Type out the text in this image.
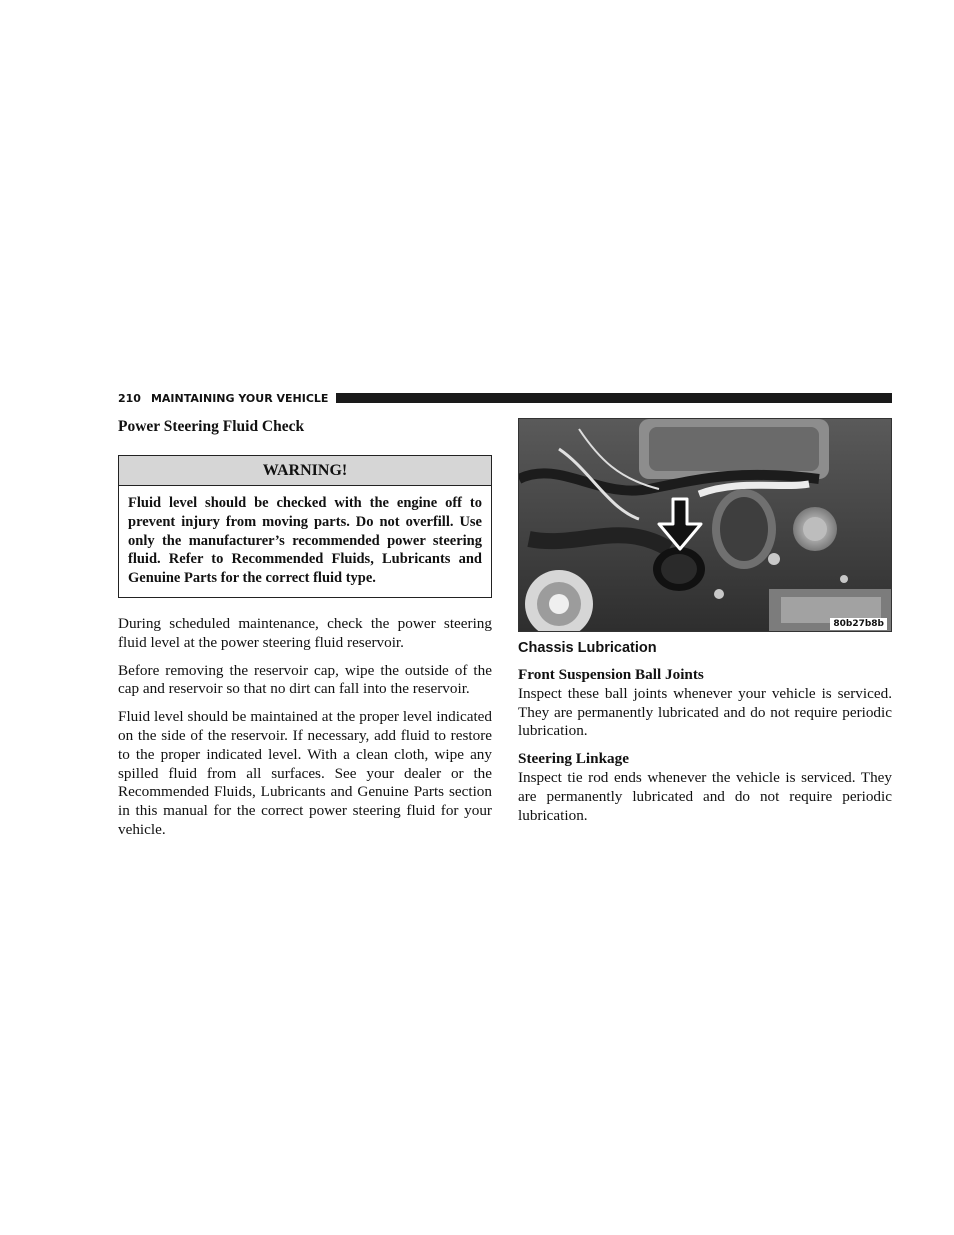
210 MAINTAINING YOUR VEHICLE
Power Steering Fluid Check
WARNING!
Fluid level should be checked with the engine off to prevent injury from moving parts. Do not overfill. Use only the manufacturer’s recommended power steering fluid. Refer to Recommended Fluids, Lubricants and Genuine Parts for the correct fluid type.

During scheduled maintenance, check the power steering fluid level at the power steering fluid reservoir.

Before removing the reservoir cap, wipe the outside of the cap and reservoir so that no dirt can fall into the reservoir.

Fluid level should be maintained at the proper level indicated on the side of the reservoir. If necessary, add fluid to restore to the proper indicated level. With a clean cloth, wipe any spilled fluid from all surfaces. See your dealer or the Recommended Fluids, Lubricants and Genuine Parts section in this manual for the correct power steering fluid for your vehicle.

80b27b8b

Chassis Lubrication

Front Suspension Ball Joints

Inspect these ball joints whenever your vehicle is serviced. They are permanently lubricated and do not require periodic lubrication.

Steering Linkage

Inspect tie rod ends whenever the vehicle is serviced. They are permanently lubricated and do not require periodic lubrication.
